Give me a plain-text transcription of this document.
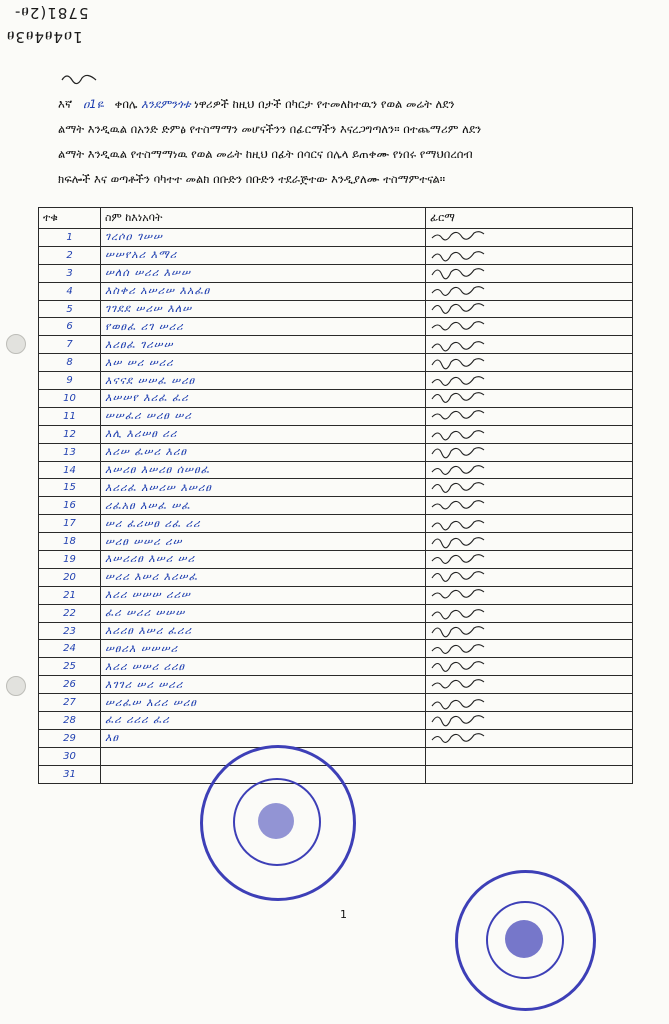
1ዐ4ፀ4ፀ3ፀ
5781(2ፀ-

እኛ ዐ1ዬ ቀበሌ እንደምንጎቱ ነዋሪዎች ከዚህ በታች በካርታ የተመለከተዉን የወል መሬት ለደን

ልማት እንዲዉል በአንድ ድምፅ የተስማማን መሆናችንን በፊርማችን እናረጋግጣለን። በተጨማሪም ለደን

ልማት እንዲዉል የተስማማነዉ የወል መሬት ከዚህ በፊት በሳርና በሌላ ይጠቀሙ የነበሩ የማህበረሰብ

ክፍሎች እና ወጣቶችን ባካተተ መልክ በቡድን በቡድን ተደራጅተው እንዲያለሙ ተስማምተናል።

ተቁ	ስም ከእነአባት	ፊርማ
1	ገረሶዐ ገሠሠ	

2	ሠሠየአሪ እማሪ	

3	ሠለሰ ሠሪሪ እሠሠ	

4	እስቀሪ አሠሪሠ እአፈፀ	

5	ገገደደ ሠሪሠ እለሠ	

6	የወፀፈ ሪገ ሠሪሪ	

7	እሪፀፈ ገሪሠሠ	

8	እሠ ሠሪ ሠሪሪ	

9	እናናደ ሠሠፈ ሠሪፀ	

10	እሠሠየ እሪፈ ፈሪ	

11	ሠሠፈሪ ሠሪፀ ሠሪ	

12	እሊ እሪሠፀ ሪሪ	

13	እሪሠ ፈሠሪ እሪፀ	

14	እሠሪፀ እሠሪፀ ሰሠፀፈ	

15	እሪሪፈ እሠሪሠ እሠሪፀ	

16	ሪፈአፀ እሠፈ ሠፈ	

17	ሠሪ ፈሪሠፀ ሪፈ ሪሪ	

18	ሠሪፀ ሠሠሪ ሪሠ	

19	እሠሪሪፀ እሠሪ ሠሪ	

20	ሠሪሪ እሠሪ እሪሠፈ	

21	እሪሪ ሠሠሠ ሪሪሠ	

22	ፈሪ ሠሪሪ ሠሠሠ	

23	እሪሪፀ እሠሪ ፈሪሪ	

24	ሠፀሪእ ሠሠሠሪ	

25	እሪሪ ሠሠሪ ሪሪፀ	

26	እገገሪ ሠሪ ሠሪሪ	

27	ሠሪፈሠ እሪሪ ሠሪፀ	

28	ፈሪ ሪሪሪ ፈሪ	

29	እፀ	

30		
31		
1
